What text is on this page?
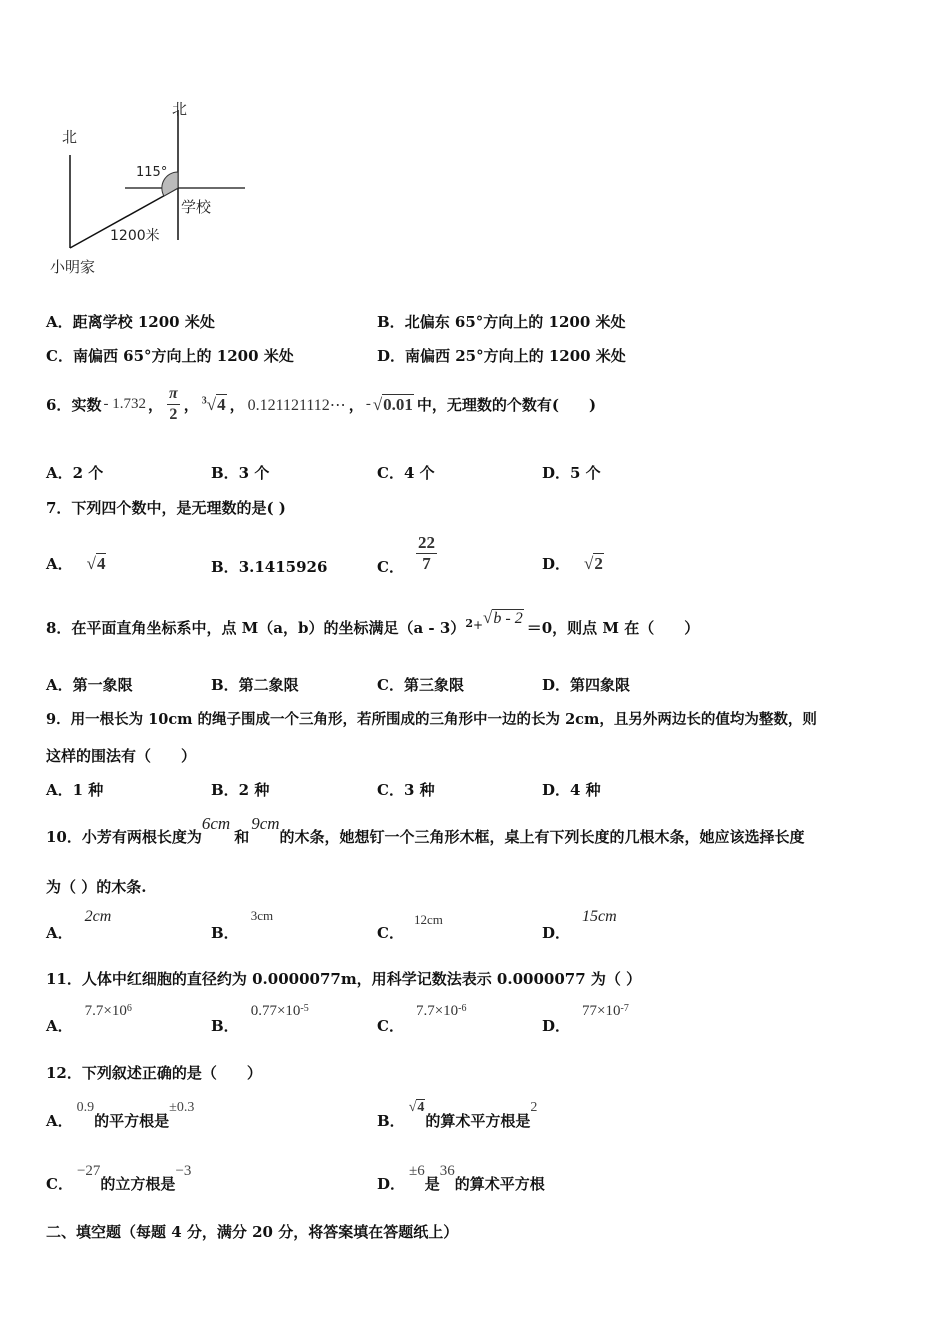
北
北
115°
学校
1200米
小明家
A．距离学校 1200 米处	B．北偏东 65°方向上的 1200 米处
C．南偏西 65°方向上的 1200 米处	D．南偏西 25°方向上的 1200 米处
6． 实数 - 1.732 ， $\frac{\pi}{2}$ ， $^3$√4 ， 0.121121112⋯ ， - √0.01 中，无理数的个数有(　　)
A．2 个	B．3 个	C．4 个	D．5 个
7．下列四个数中，是无理数的是( )
A． √4	B．3.1415926	C． $\frac{22}{7}$	D． √2
8．在平面直角坐标系中，点 M（a，b）的坐标满足（a - 3） 2 + √b - 2
＝0，则点 M 在（　　）
A．第一象限	B．第二象限	C．第三象限	D．第四象限
9．用一根长为 10cm 的绳子围成一个三角形，若所围成的三角形中一边的长为 2cm，且另外两边长的值均为整数，则
这样的围法有（　　）
A．1 种	B．2 种	C．3 种	D．4 种
10．小芳有两根长度为
6cm
和
9cm
的木条，她想钉一个三角形木框，桌上有下列长度的几根木条，她应该选择长度
为（ ）的木条.
A．
2cm
B．
3cm
C．
12cm
D．
15cm
11．人体中红细胞的直径约为 0.0000077m，用科学记数法表示 0.0000077 为（ ）
A．
$7.7\times 10^6$
B．
$0.77\times 10^{-5}$
C．
$7.7\times 10^{-6}$
D．
$77\times 10^{-7}$
12．下列叙述正确的是（　　）
A．
0.9
的平方根是
±0.3
B．
√4
的算术平方根是
2
C．
−27
的立方根是
−3
D．
±6
是
36
的算术平方根
二、填空题（每题 4 分，满分 20 分，将答案填在答题纸上）
